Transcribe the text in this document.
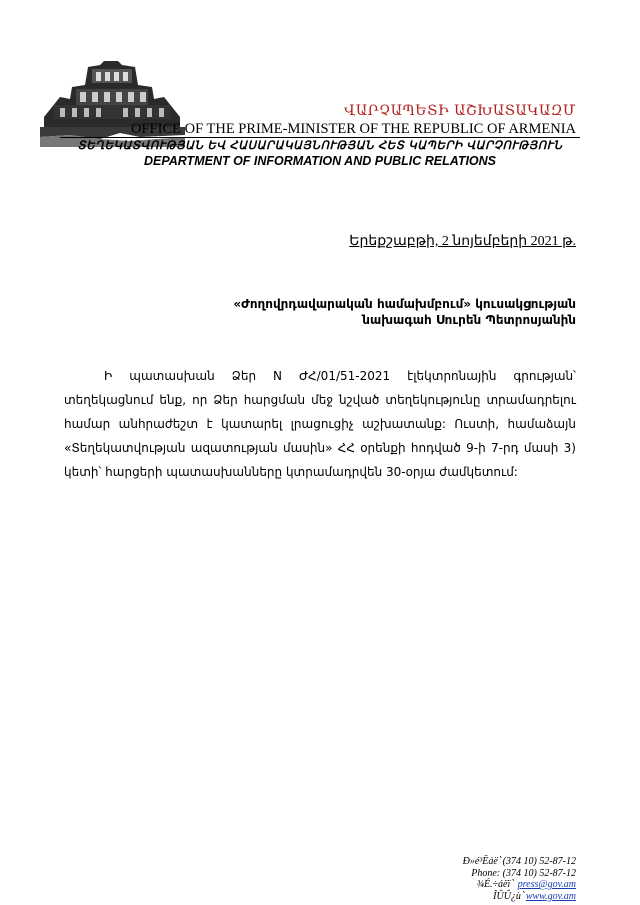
ՎԱՐՉԱՊԵՏԻ ԱՇԽԱՏԱԿԱԶՄ
OFFICE OF THE PRIME-MINISTER OF THE REPUBLIC OF ARMENIA
ՏԵՂԵԿԱՏՎՈՒԹՅԱՆ ԵՎ ՀԱՍԱՐԱԿԱՅՆՈՒԹՅԱՆ ՀԵՏ ԿԱՊԵՐԻ ՎԱՐՉՈՒԹՅՈՒՆ
DEPARTMENT OF INFORMATION AND PUBLIC RELATIONS
Երեքշաբթի, 2 նոյեմբերի 2021 թ.
«Ժողովրդավարական համախմբում» կուսակցության
նախագահ Սուրեն Պետրոսյանին
Ի պատասխան Ձեր N ԺՀ/01/51-2021 էլեկտրոնային գրության՝ տեղեկացնում ենք, որ Ձեր հարցման մեջ նշված տեղեկությունը տրամադրելու համար անհրաժեշտ է կատարել լրացուցիչ աշխատանք: Ուստի, համաձայն «Տեղեկատվության ազատության մասին» ՀՀ օրենքի հոդված 9-ի 7-րդ մասի 3) կետի՝ հարցերի պատասխանները կտրամադրվեն 30-օրյա ժամկետում:
Ð»é³Ëáë՝ (374 10) 52-87-12
Phone: (374 10) 52-87-12
¾É.÷áëï՝ press@gov.am
ÎÛÛ¿ù՝ www.gov.am
